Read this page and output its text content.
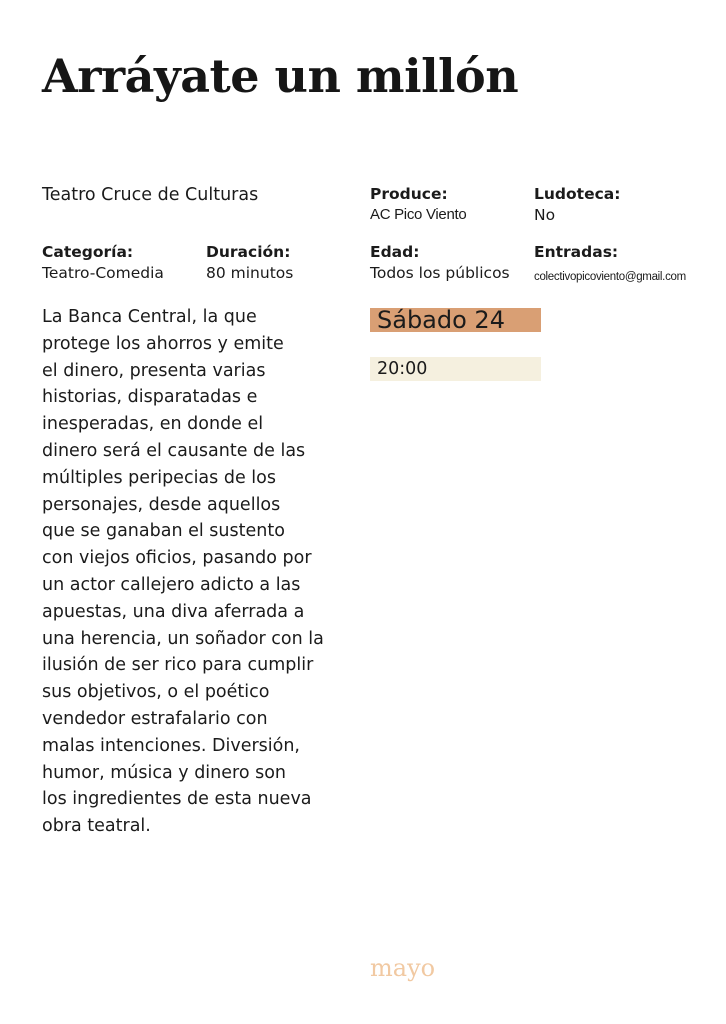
Arráyate un millón
Teatro Cruce de Culturas
Categoría:
Teatro-Comedia
Duración:
80 minutos
Produce:
AC Pico Viento
Ludoteca:
No
Edad:
Todos los públicos
Entradas:
colectivopicoviento@gmail.com
La Banca Central, la que
protege los ahorros y emite
el dinero, presenta varias
historias, disparatadas e
inesperadas, en donde el
dinero será el causante de las
múltiples peripecias de los
personajes, desde aquellos
que se ganaban el sustento
con viejos oficios, pasando por
un actor callejero adicto a las
apuestas, una diva aferrada a
una herencia, un soñador con la
ilusión de ser rico para cumplir
sus objetivos, o el poético
vendedor estrafalario con
malas intenciones. Diversión,
humor, música y dinero son
los ingredientes de esta nueva
obra teatral.
Sábado 24
20:00
mayo
